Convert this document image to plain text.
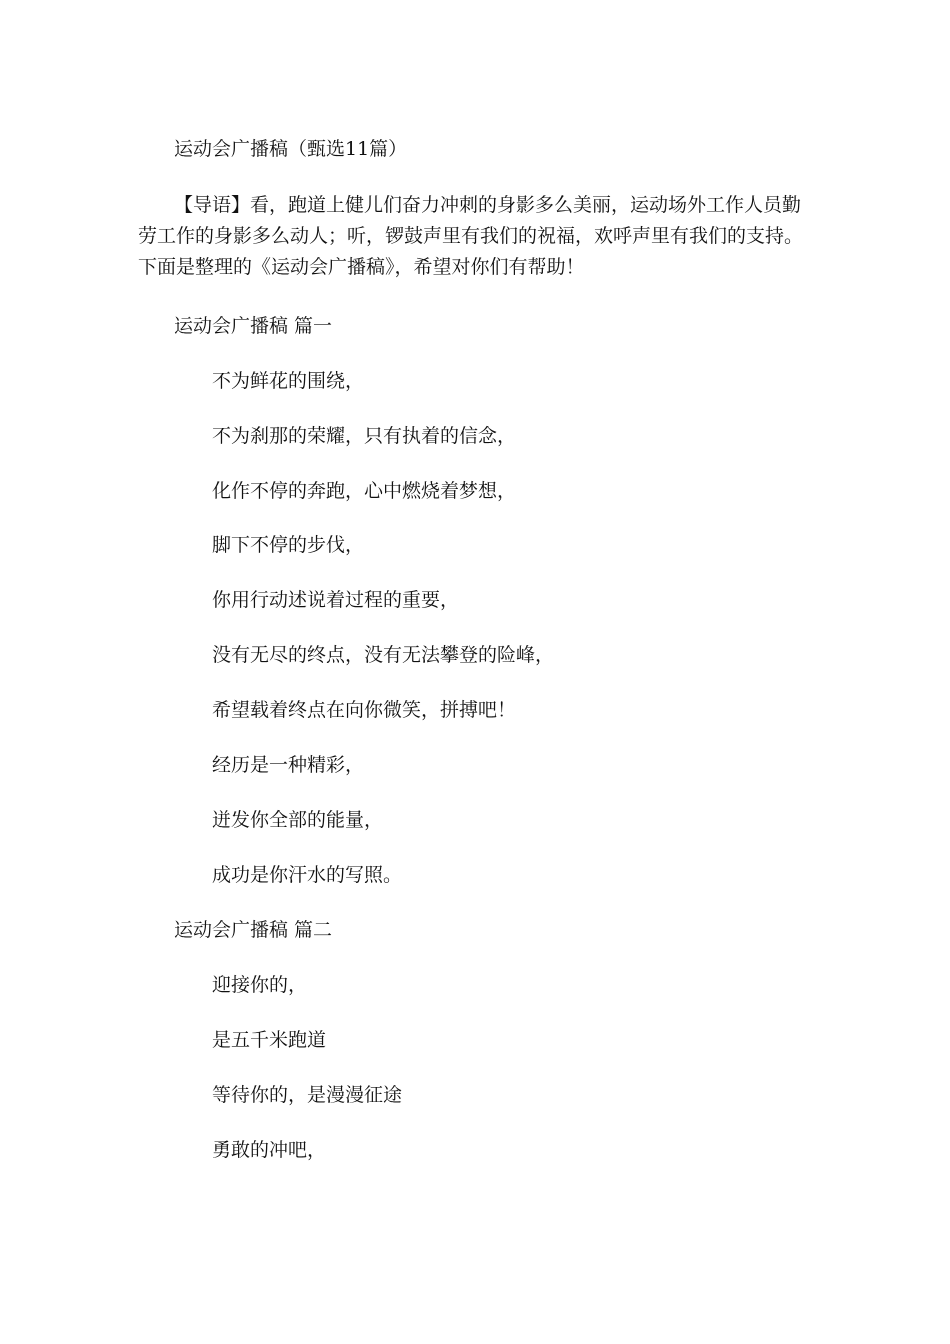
运动会广播稿（甄选11篇）

【导语】看，跑道上健儿们奋力冲刺的身影多么美丽，运动场外工作人员勤

劳工作的身影多么动人；听，锣鼓声里有我们的祝福，欢呼声里有我们的支持。

下面是整理的《运动会广播稿》，希望对你们有帮助！

运动会广播稿 篇一
不为鲜花的围绕，
不为刹那的荣耀，只有执着的信念，
化作不停的奔跑，心中燃烧着梦想，
脚下不停的步伐，
你用行动述说着过程的重要，
没有无尽的终点，没有无法攀登的险峰，
希望载着终点在向你微笑，拼搏吧！
经历是一种精彩，
迸发你全部的能量，
成功是你汗水的写照。
运动会广播稿 篇二
迎接你的，
是五千米跑道
等待你的，是漫漫征途
勇敢的冲吧，
